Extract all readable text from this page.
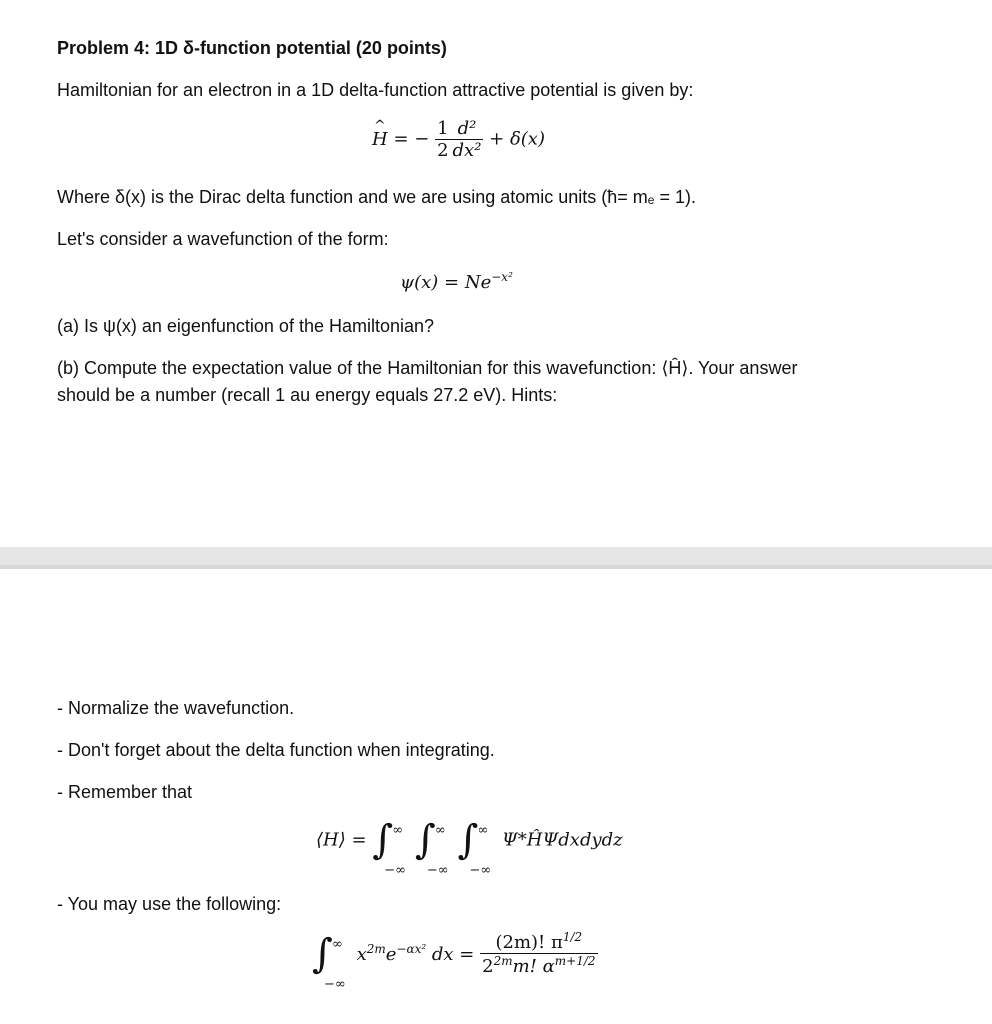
Problem 4: 1D δ-function potential (20 points)
Hamiltonian for an electron in a 1D delta-function attractive potential is given by:
^ H = − $\frac{1}{2} \frac{\text{d²}}{\text{dx²}} + \delta(x)$
Where δ(x) is the Dirac delta function and we are using atomic units (ħ= mₑ = 1).
Let's consider a wavefunction of the form:
$\psi(x) = Ne^{-x^2}$
(a) Is ψ(x) an eigenfunction of the Hamiltonian?
(b) Compute the expectation value of the Hamiltonian for this wavefunction: ⟨Ĥ⟩. Your answer
should be a number (recall 1 au energy equals 27.2 eV). Hints:
- Normalize the wavefunction.
- Don't forget about the delta function when integrating.
- Remember that
⟨H⟩ = ∫ ∞
−∞
∫ ∞
−∞
∫ ∞
−∞
Ψ*ĤΨdxdydz
- You may use the following:
∫ ∞
−∞
$x^{2m}e^{-\alpha x^2}$ dx = $\frac{(2m)! \pi^{1/2}}{2^{2m}m! \alpha^{m+1/2}}$
